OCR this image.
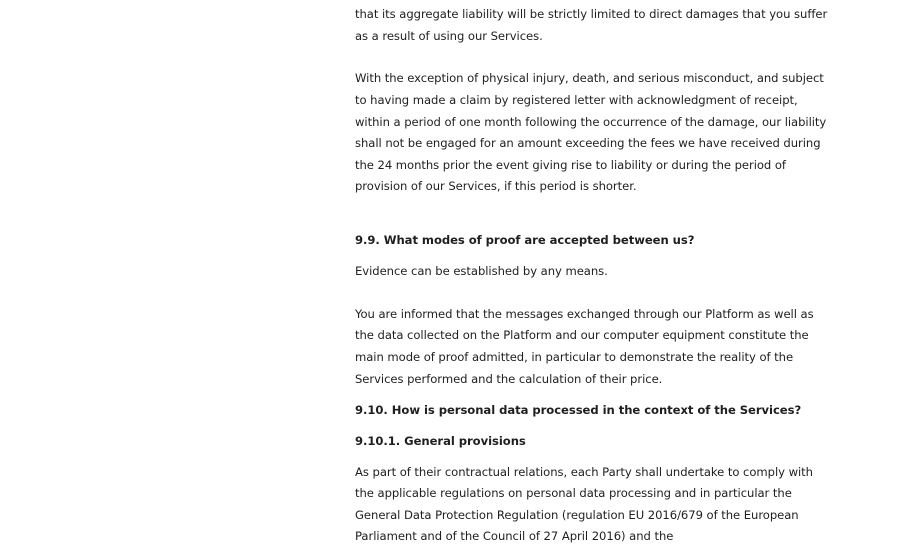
that its aggregate liability will be strictly limited to direct damages that you suffer as a result of using our Services.

With the exception of physical injury, death, and serious misconduct, and subject to having made a claim by registered letter with acknowledgment of receipt, within a period of one month following the occurrence of the damage, our liability shall not be engaged for an amount exceeding the fees we have received during the 24 months prior the event giving rise to liability or during the period of provision of our Services, if this period is shorter.

9.9. What modes of proof are accepted between us?

Evidence can be established by any means.

You are informed that the messages exchanged through our Platform as well as the data collected on the Platform and our computer equipment constitute the main mode of proof admitted, in particular to demonstrate the reality of the Services performed and the calculation of their price.

9.10. How is personal data processed in the context of the Services?
9.10.1. General provisions

As part of their contractual relations, each Party shall undertake to comply with the applicable regulations on personal data processing and in particular the General Data Protection Regulation (regulation EU 2016/679 of the European Parliament and of the Council of 27 April 2016) and the
